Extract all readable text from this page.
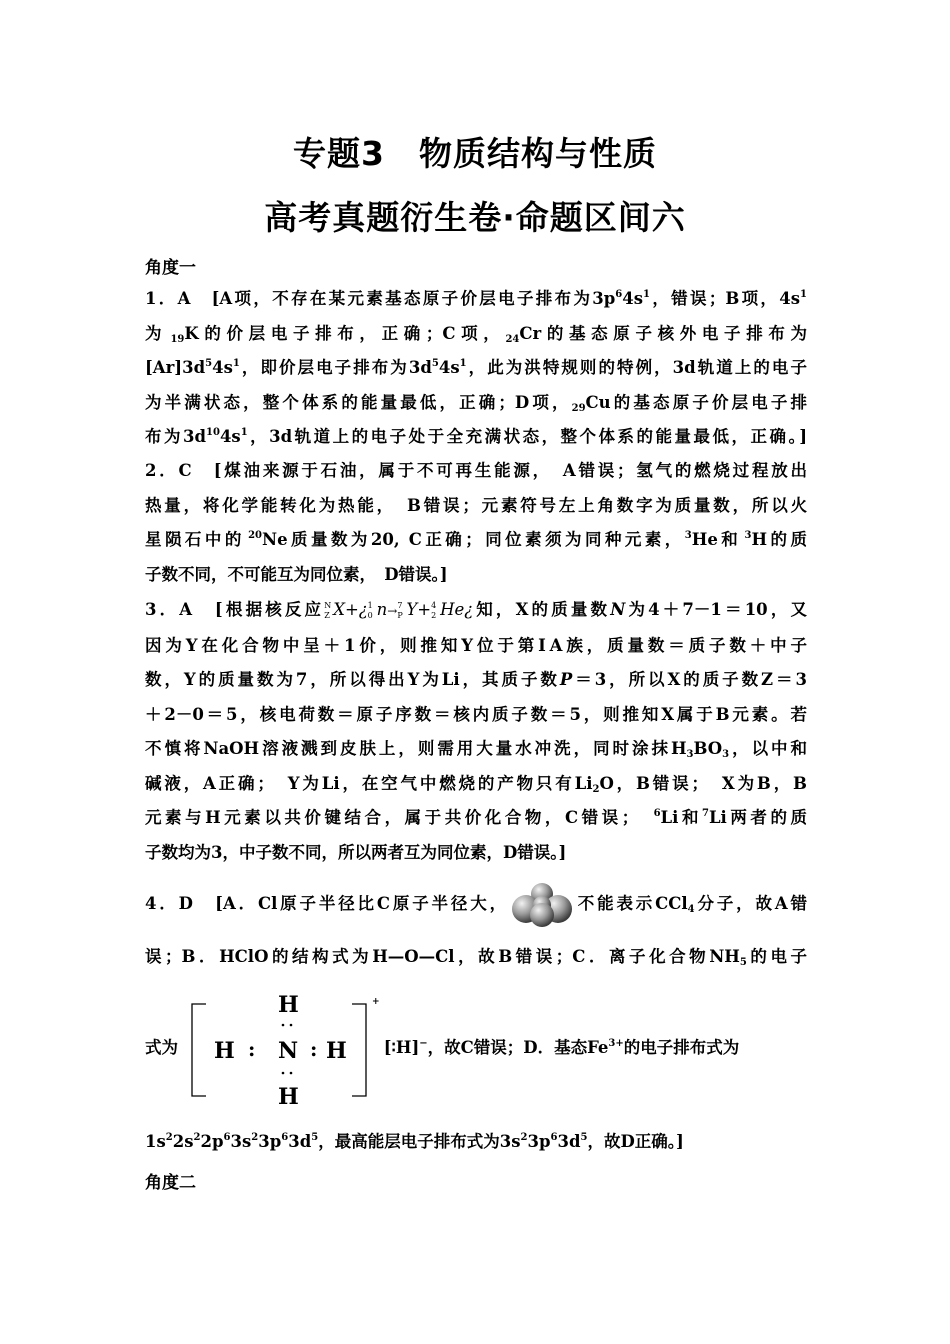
专题3　物质结构与性质
高考真题衍生卷·命题区间六
角度一
1．A　[A项，不存在某元素基态原子价层电子排布为$3p^64s^1$，错误；B项，$4s^1$
为  $_{19}$K的价层电子排布，正确；C项，$_{24}$Cr的基态原子核外电子排布为
$[Ar]3d^54s^1$，即价层电子排布为$3d^54s^1$，此为洪特规则的特例，3d轨道上的电子
为半满状态，整个体系的能量最低，正确；D项，$_{29}$Cu的基态原子价层电子排
布为$3d^{10}4s^1$，3d轨道上的电子处于全充满状态，整个体系的能量最低，正确。]
2．C　[煤油来源于石油，属于不可再生能源，　A错误；氢气的燃烧过程放出
热量，将化学能转化为热能，　B错误；元素符号左上角数字为质量数，所以火
星陨石中的  $^{20}$Ne质量数为20, C正确；同位素须为同种元素，$^3$He和  $^3$H的质
子数不同，不可能互为同位素，　D错误。]
3．A　[根据核反应 N
Z X+¿ 1
0 n→ 7
P Y+ 4
2 He¿知，X的质量数N为4＋7－1＝10，又
因为Y在化合物中呈＋1价，则推知Y位于第ⅠA族，质量数＝质子数＋中子
数，Y的质量数为7，所以得出Y为Li，其质子数P＝3，所以X的质子数Z＝3
＋2－0＝5，核电荷数＝原子序数＝核内质子数＝5，则推知X属于B元素。若
不慎将NaOH溶液溅到皮肤上，则需用大量水冲洗，同时涂抹$H_3BO_3$，以中和
碱液，A正确；　Y为Li，在空气中燃烧的产物只有$Li_2O$，B错误；　X为B，B
元素与H元素以共价键结合，属于共价化合物，C错误；　$^6$Li和$^7$Li两者的质
子数均为3，中子数不同，所以两者互为同位素，D错误。]
4．D　[A．Cl原子半径比C原子半径大，	不能表示CCl$_4$分子，故A错
误；B．HClO的结构式为H—O—Cl，故B错误；C．离子化合物$NH_5$的电子
式为
+
H
H : N : H
H
[∶H]−，故C错误；D．基态$Fe^{3+}$的电子排布式为
$1s^22s^22p^63s^23p^63d^5$，最高能层电子排布式为$3s^23p^63d^5$，故D正确。]
角度二
